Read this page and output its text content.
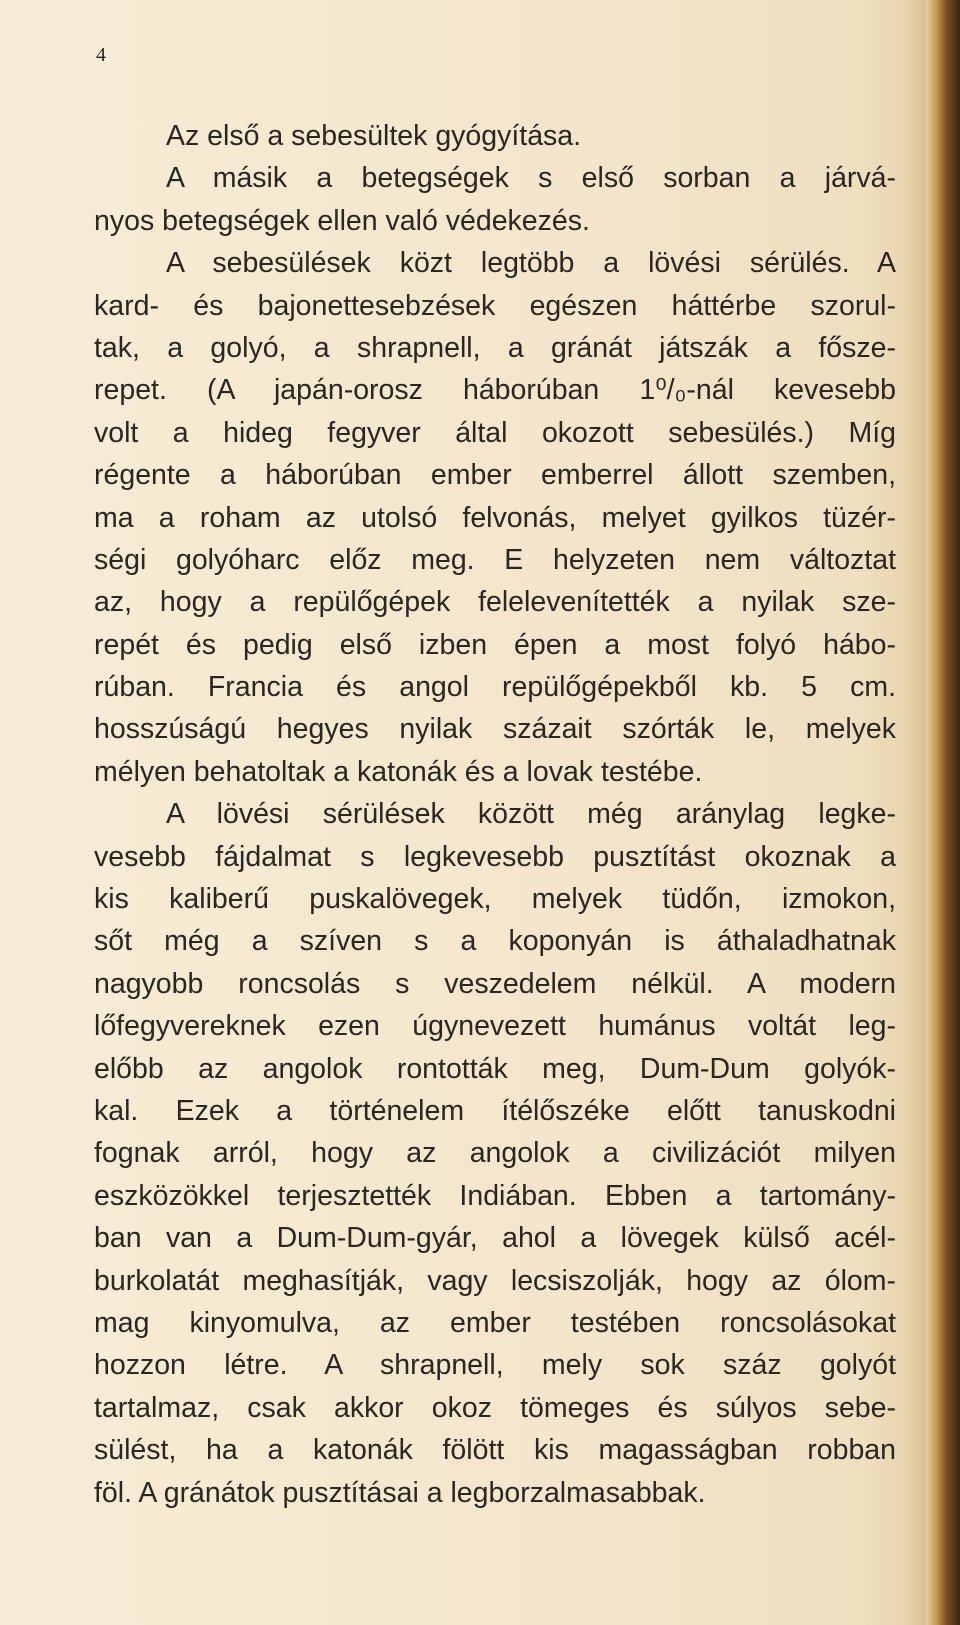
4

Az első a sebesültek gyógyítása.
A másik a betegségek s első sorban a járvá-
nyos betegségek ellen való védekezés.
A sebesülések közt legtöbb a lövési sérülés. A
kard- és bajonettesebzések egészen háttérbe szorul-
tak, a golyó, a shrapnell, a gránát játszák a fősze-
repet. (A japán-orosz háborúban 1⁰/₀-nál kevesebb
volt a hideg fegyver által okozott sebesülés.) Míg
régente a háborúban ember emberrel állott szemben,
ma a roham az utolsó felvonás, melyet gyilkos tüzér-
ségi golyóharc előz meg. E helyzeten nem változtat
az, hogy a repülőgépek felelevenítették a nyilak sze-
repét és pedig első izben épen a most folyó hábo-
rúban. Francia és angol repülőgépekből kb. 5 cm.
hosszúságú hegyes nyilak százait szórták le, melyek
mélyen behatoltak a katonák és a lovak testébe.
A lövési sérülések között még aránylag legke-
vesebb fájdalmat s legkevesebb pusztítást okoznak a
kis kaliberű puskalövegek, melyek tüdőn, izmokon,
sőt még a szíven s a koponyán is áthaladhatnak
nagyobb roncsolás s veszedelem nélkül. A modern
lőfegyvereknek ezen úgynevezett humánus voltát leg-
előbb az angolok rontották meg, Dum-Dum golyók-
kal. Ezek a történelem ítélőszéke előtt tanuskodni
fognak arról, hogy az angolok a civilizációt milyen
eszközökkel terjesztették Indiában. Ebben a tartomány-
ban van a Dum-Dum-gyár, ahol a lövegek külső acél-
burkolatát meghasítják, vagy lecsiszolják, hogy az ólom-
mag kinyomulva, az ember testében roncsolásokat
hozzon létre. A shrapnell, mely sok száz golyót
tartalmaz, csak akkor okoz tömeges és súlyos sebe-
sülést, ha a katonák fölött kis magasságban robban
föl. A gránátok pusztításai a legborzalmasabbak.
